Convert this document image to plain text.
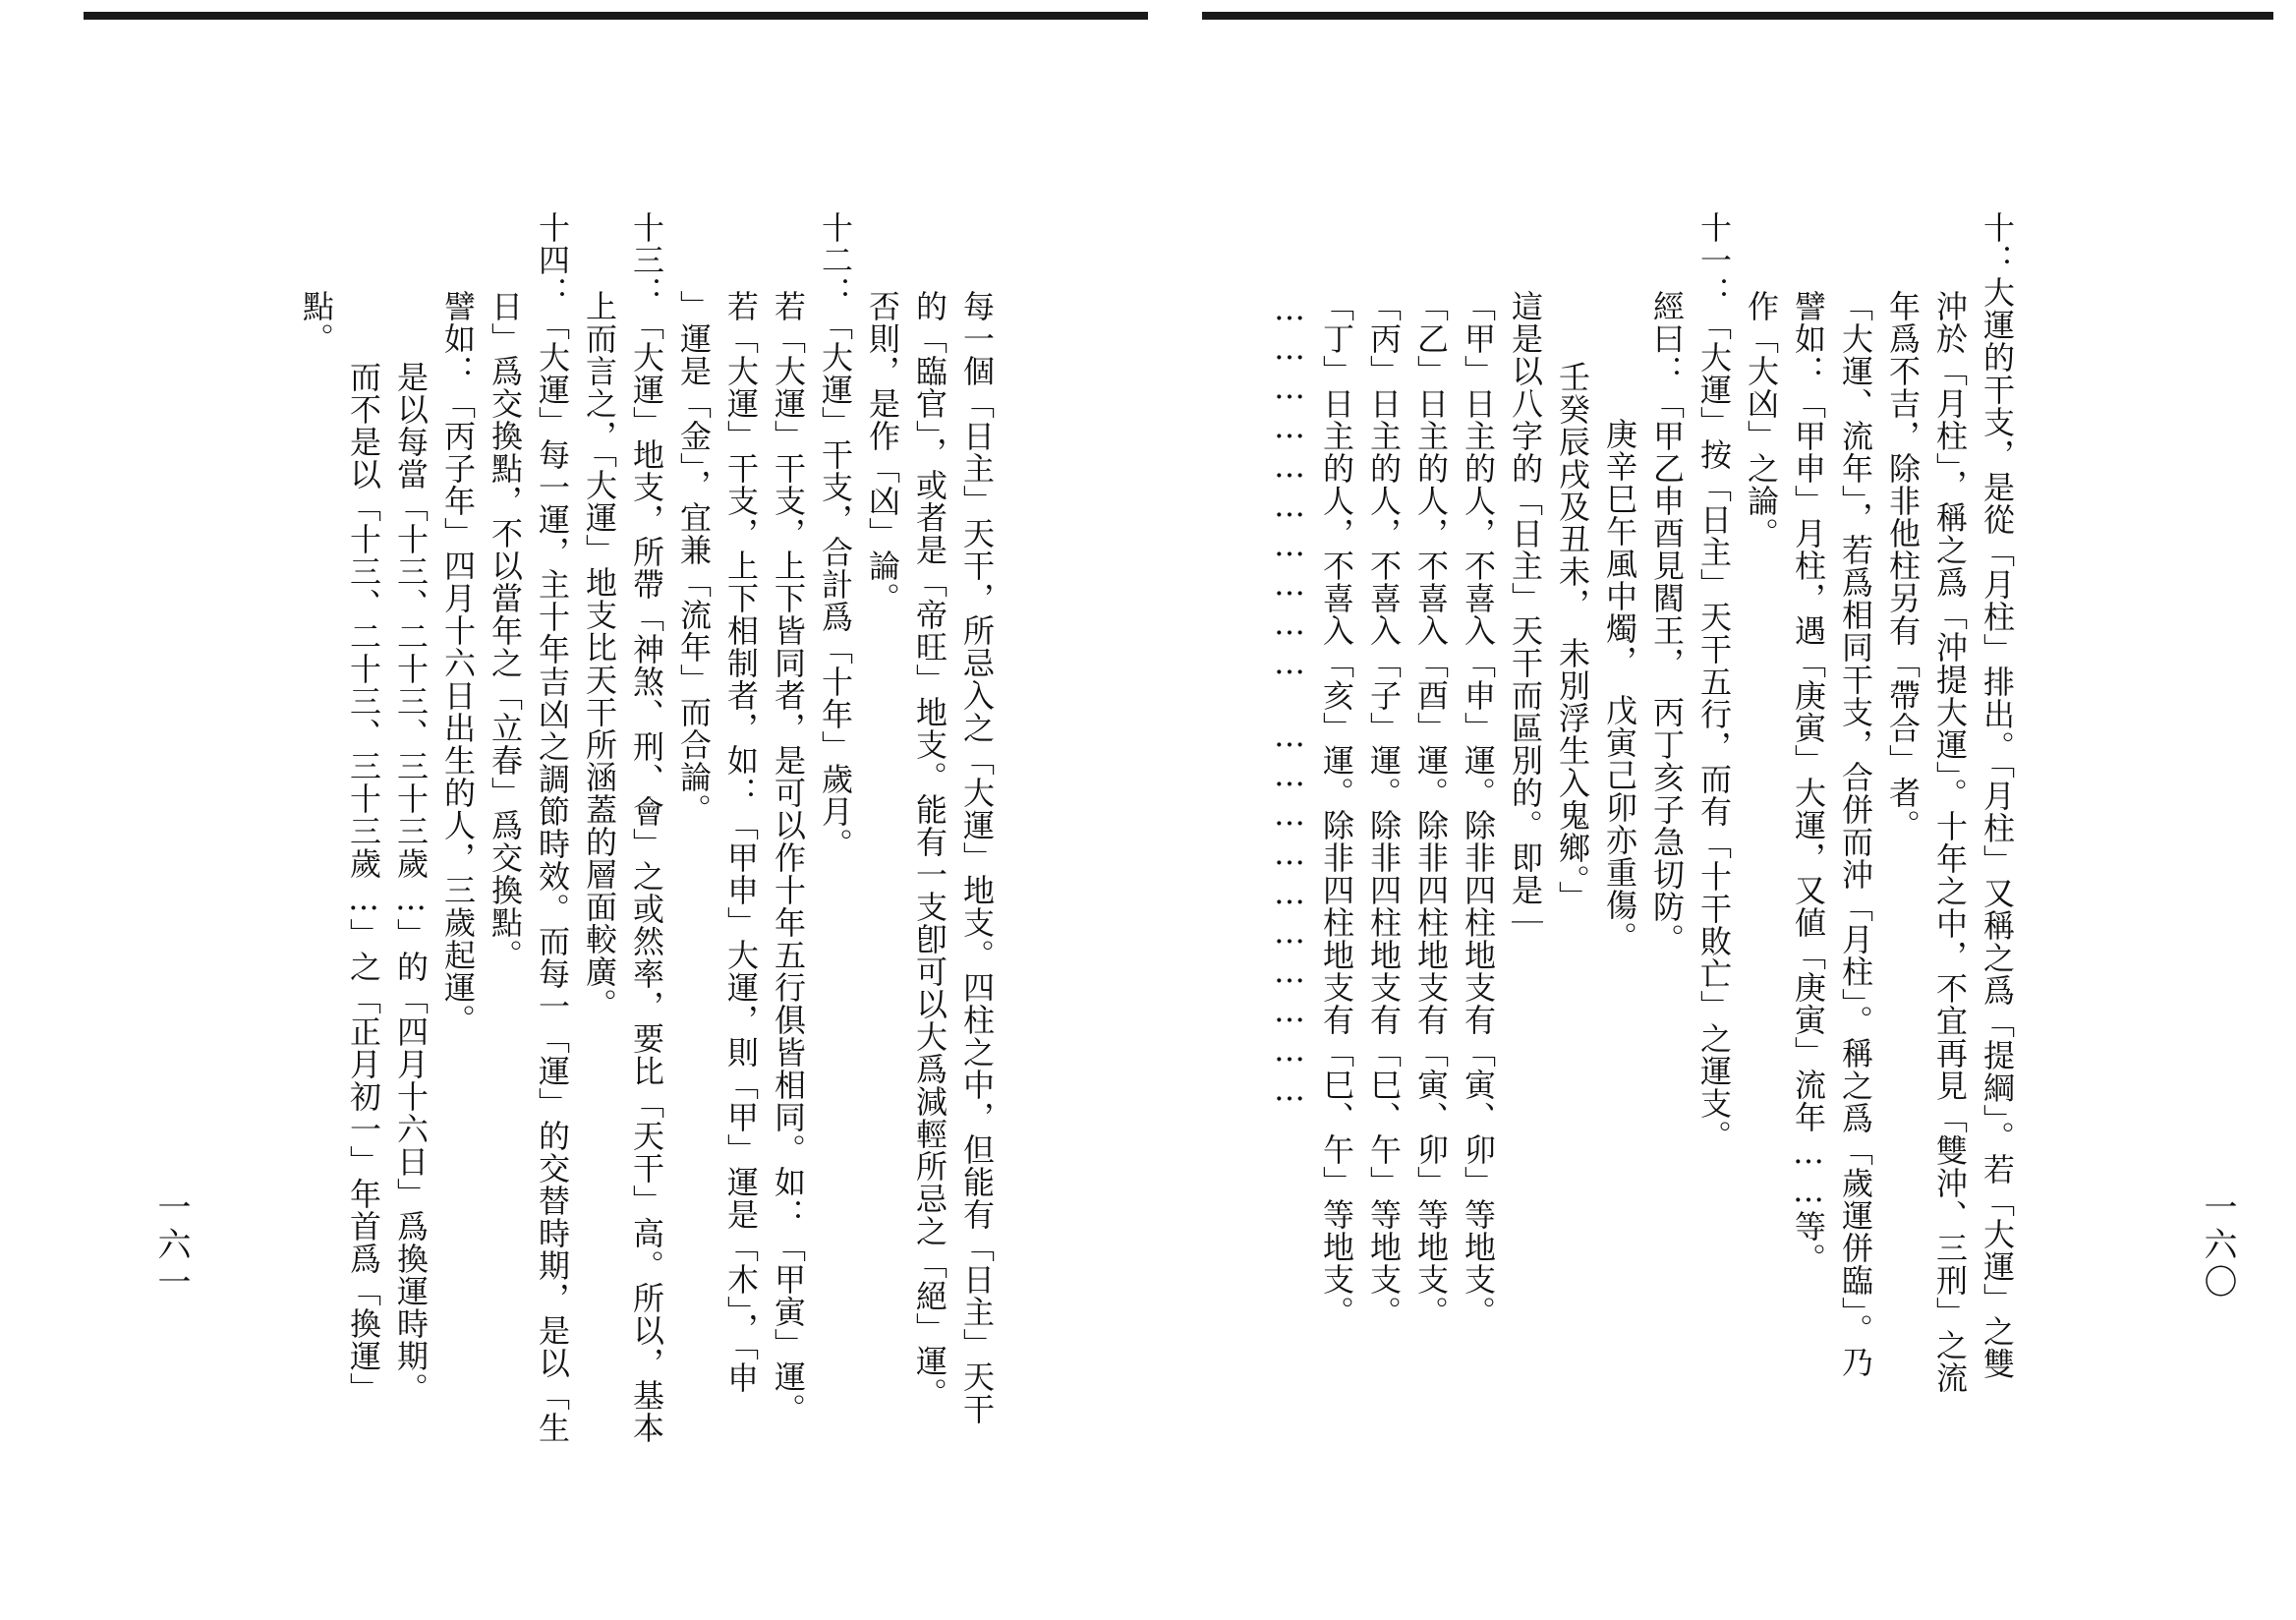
每一個「日主」天干，所忌入之「大運」地支。四柱之中，但能有「日主」天干
的「臨官」，或者是「帝旺」地支。能有一支卽可以大爲減輕所忌之「絕」運。
否則，是作「凶」論。
十二：「大運」干支，合計爲「十年」歲月。
若「大運」干支，上下皆同者，是可以作十年五行俱皆相同。如：「甲寅」運。
若「大運」干支，上下相制者，如：「甲申」大運，則「甲」運是「木」，「申
」運是「金」，宜兼「流年」而合論。
十三：「大運」地支，所帶「神煞、刑、會」之或然率，要比「天干」高。所以，基本
上而言之，「大運」地支比天干所涵蓋的層面較廣。
十四：「大運」每一運，主十年吉凶之調節時效。而每一「運」的交替時期，是以「生
日」爲交換點，不以當年之「立春」爲交換點。
譬如：「丙子年」四月十六日出生的人，三歲起運。
是以每當「十三、二十三、三十三歲…」的「四月十六日」爲換運時期。
而不是以「十三、二十三、三十三歲…」之「正月初一」年首爲「換運」
點。
一六一	十：大運的干支，是從「月柱」排出。「月柱」又稱之爲「提綱」。若「大運」之雙
沖於「月柱」，稱之爲「沖提大運」。十年之中，不宜再見「雙沖、三刑」之流
年爲不吉，除非他柱另有「帶合」者。
「大運、流年」，若爲相同干支，合併而沖「月柱」。稱之爲「歲運併臨」。乃
譬如：「甲申」月柱，遇「庚寅」大運，又値「庚寅」流年……等。
作「大凶」之論。
十一：「大運」按「日主」天干五行，而有「十干敗亡」之運支。
經曰：「甲乙申酉見閻王，　丙丁亥子急切防。
庚辛巳午風中燭，　戊寅己卯亦重傷。
壬癸辰戌及丑未，　未別浮生入鬼鄉。」
這是以八字的「日主」天干而區別的。即是｜
「甲」日主的人，不喜入「申」運。除非四柱地支有「寅、卯」等地支。
「乙」日主的人，不喜入「酉」運。除非四柱地支有「寅、卯」等地支。
「丙」日主的人，不喜入「子」運。除非四柱地支有「巳、午」等地支。
「丁」日主的人，不喜入「亥」運。除非四柱地支有「巳、午」等地支。
…………………………　…………………………
一六〇
